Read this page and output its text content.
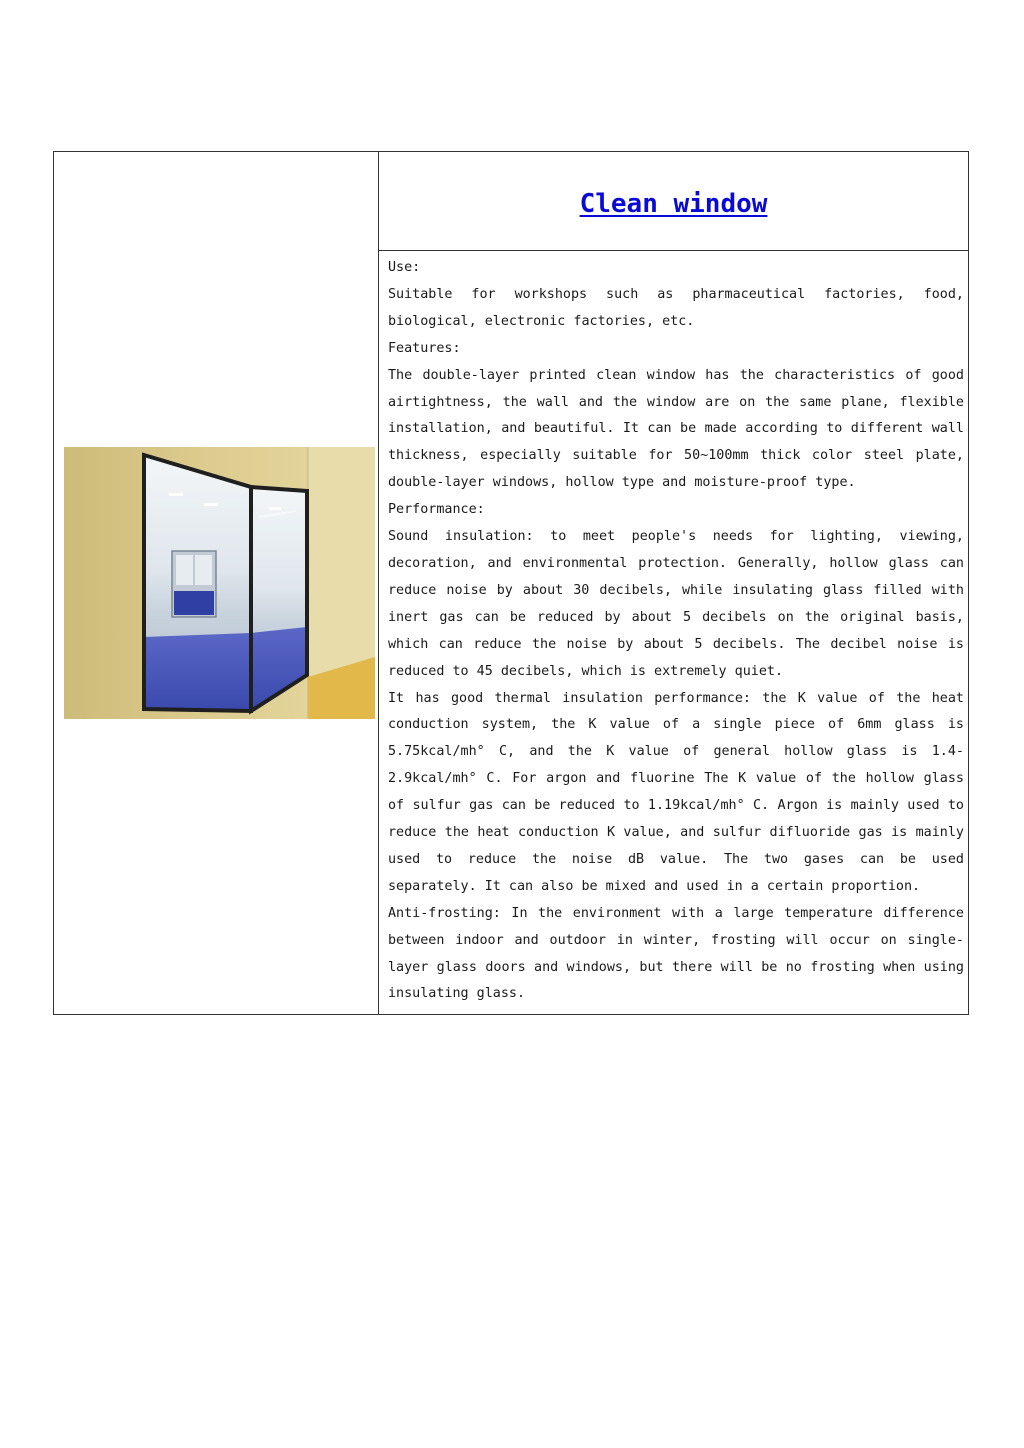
	Clean window

Use:

Suitable for workshops such as pharmaceutical factories, food, biological, electronic factories, etc.

Features:

The double-layer printed clean window has the characteristics of good airtightness, the wall and the window are on the same plane, flexible installation, and beautiful. It can be made according to different wall thickness, especially suitable for 50~100mm thick color steel plate, double-layer windows, hollow type and moisture-proof type.

Performance:

Sound insulation: to meet people's needs for lighting, viewing, decoration, and environmental protection. Generally, hollow glass can reduce noise by about 30 decibels, while insulating glass filled with inert gas can be reduced by about 5 decibels on the original basis, which can reduce the noise by about 5 decibels. The decibel noise is reduced to 45 decibels, which is extremely quiet.

It has good thermal insulation performance: the K value of the heat conduction system, the K value of a single piece of 6mm glass is 5.75kcal/mh° C, and the K value of general hollow glass is 1.4-2.9kcal/mh° C. For argon and fluorine The K value of the hollow glass of sulfur gas can be reduced to 1.19kcal/mh° C. Argon is mainly used to reduce the heat conduction K value, and sulfur difluoride gas is mainly used to reduce the noise dB value. The two gases can be used separately. It can also be mixed and used in a certain proportion.

Anti-frosting: In the environment with a large temperature difference between indoor and outdoor in winter, frosting will occur on single-layer glass doors and windows, but there will be no frosting when using insulating glass.
